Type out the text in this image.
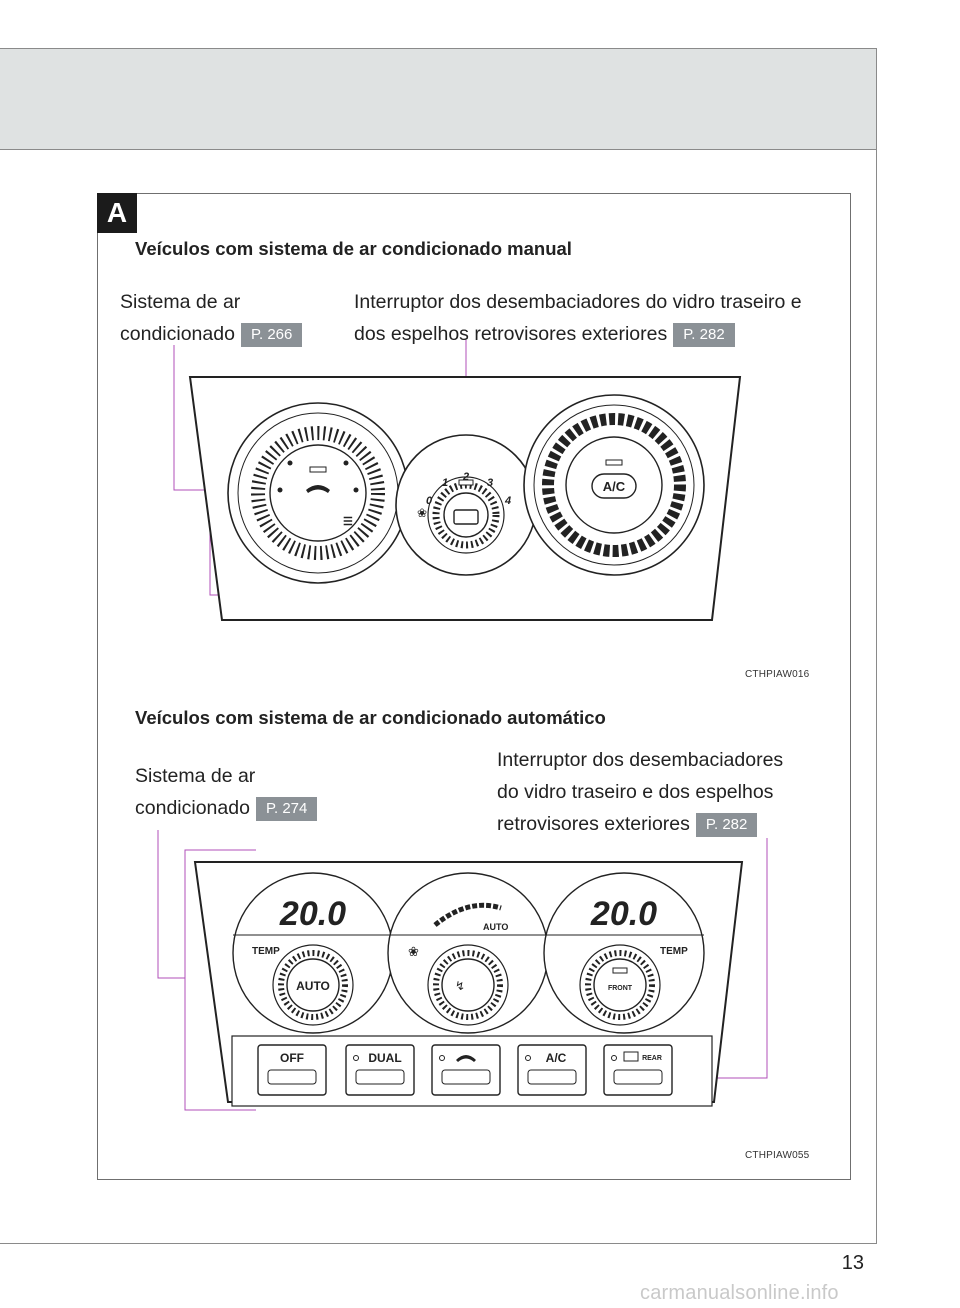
A
Veículos com sistema de ar condicionado manual
Sistema de ar
condicionado P. 266
Interruptor dos desembaciadores do vidro traseiro e
dos espelhos retrovisores exteriores P. 282
☰
0
1 2 3
4
❀
A/C
CTHPIAW016
Veículos com sistema de ar condicionado automático
Sistema de ar
condicionado P. 274
Interruptor dos desembaciadores
do vidro traseiro e dos espelhos
retrovisores exteriores P. 282
20.0
TEMP
AUTO
AUTO
❀
↯
20.0
TEMP
FRONT
OFF	DUAL	A/C	REAR
CTHPIAW055
13
carmanualsonline.info
